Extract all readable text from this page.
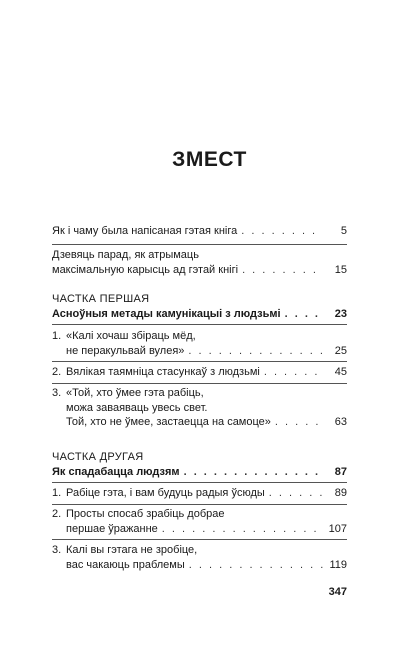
ЗМЕСТ
Як і чаму была напісаная гэтая кніга . . .	5
Дзевяць парад, як атрымаць
максімальную карысць ад гэтай кнігі . . .	15
ЧАСТКА ПЕРШАЯ
Асноўныя метады камунікацыі з людзьмі . . .	23
1. «Калі хочаш збіраць мёд,
не перакульвай вулея» . . .	25
2. Вялікая таямніца стасункаў з людзьмі . . .	45
3. «Той, хто ўмее гэта рабіць,
можа заваяваць увесь свет.
Той, хто не ўмее, застаецца на самоце» . . .	63
ЧАСТКА ДРУГАЯ
Як спадабацца людзям . . .	87
1. Рабіце гэта, і вам будуць радыя ўсюды . . .	89
2. Просты спосаб зрабіць добрае
першае ўражанне . . .	107
3. Калі вы гэтага не зробіце,
вас чакаюць праблемы . . .	119
347
